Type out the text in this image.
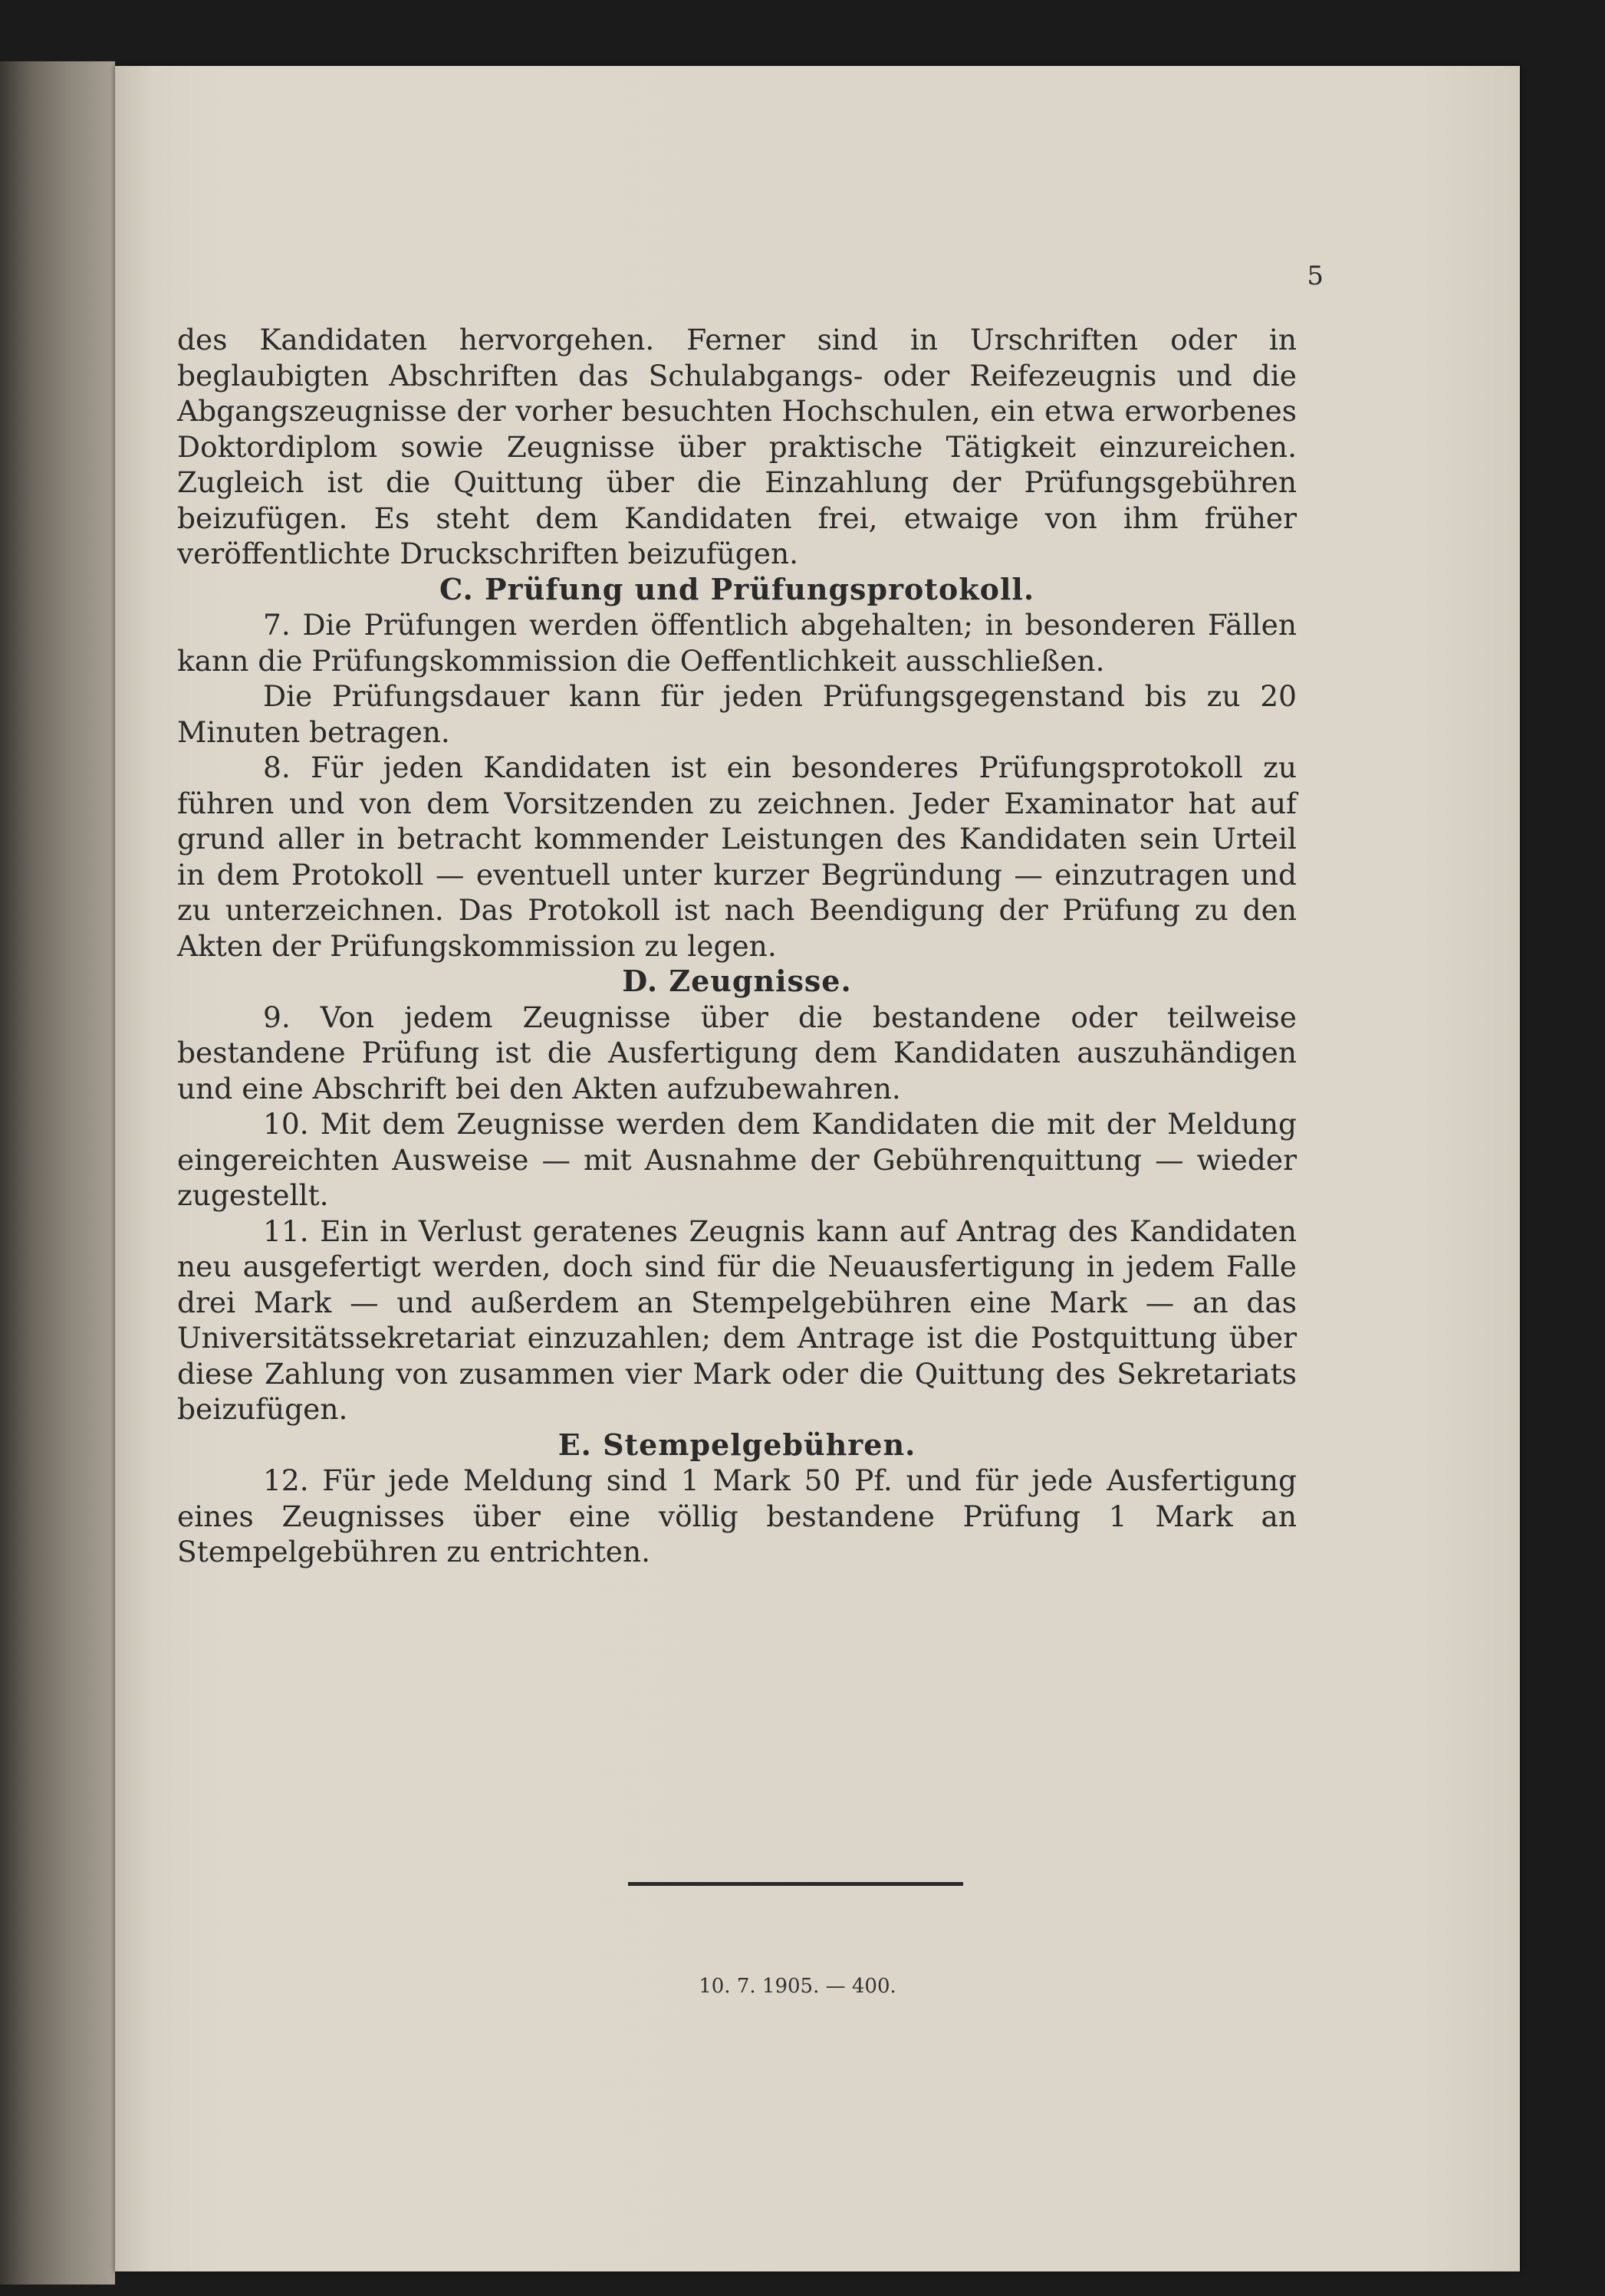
5

des Kandidaten hervorgehen. Ferner sind in Urschriften oder in beglaubigten Abschriften das Schulabgangs- oder Reifezeugnis und die Abgangszeugnisse der vorher besuchten Hochschulen, ein etwa erworbenes Doktordiplom sowie Zeugnisse über praktische Tätigkeit einzureichen. Zugleich ist die Quittung über die Einzahlung der Prüfungsgebühren beizufügen. Es steht dem Kandidaten frei, etwaige von ihm früher veröffentlichte Druckschriften beizufügen.

C. Prüfung und Prüfungsprotokoll.

7. Die Prüfungen werden öffentlich abgehalten; in besonderen Fällen kann die Prüfungskommission die Oeffentlichkeit ausschließen.

Die Prüfungsdauer kann für jeden Prüfungsgegenstand bis zu 20 Minuten betragen.

8. Für jeden Kandidaten ist ein besonderes Prüfungsprotokoll zu führen und von dem Vorsitzenden zu zeichnen. Jeder Examinator hat auf grund aller in betracht kommender Leistungen des Kandidaten sein Urteil in dem Protokoll — eventuell unter kurzer Begründung — einzutragen und zu unterzeichnen. Das Protokoll ist nach Beendigung der Prüfung zu den Akten der Prüfungskommission zu legen.

D. Zeugnisse.

9. Von jedem Zeugnisse über die bestandene oder teilweise bestandene Prüfung ist die Ausfertigung dem Kandidaten auszuhändigen und eine Abschrift bei den Akten aufzubewahren.

10. Mit dem Zeugnisse werden dem Kandidaten die mit der Meldung eingereichten Ausweise — mit Ausnahme der Gebührenquittung — wieder zugestellt.

11. Ein in Verlust geratenes Zeugnis kann auf Antrag des Kandidaten neu ausgefertigt werden, doch sind für die Neuausfertigung in jedem Falle drei Mark — und außerdem an Stempelgebühren eine Mark — an das Universitätssekretariat einzuzahlen; dem Antrage ist die Postquittung über diese Zahlung von zusammen vier Mark oder die Quittung des Sekretariats beizufügen.

E. Stempelgebühren.

12. Für jede Meldung sind 1 Mark 50 Pf. und für jede Ausfertigung eines Zeugnisses über eine völlig bestandene Prüfung 1 Mark an Stempelgebühren zu entrichten.

10. 7. 1905. — 400.
